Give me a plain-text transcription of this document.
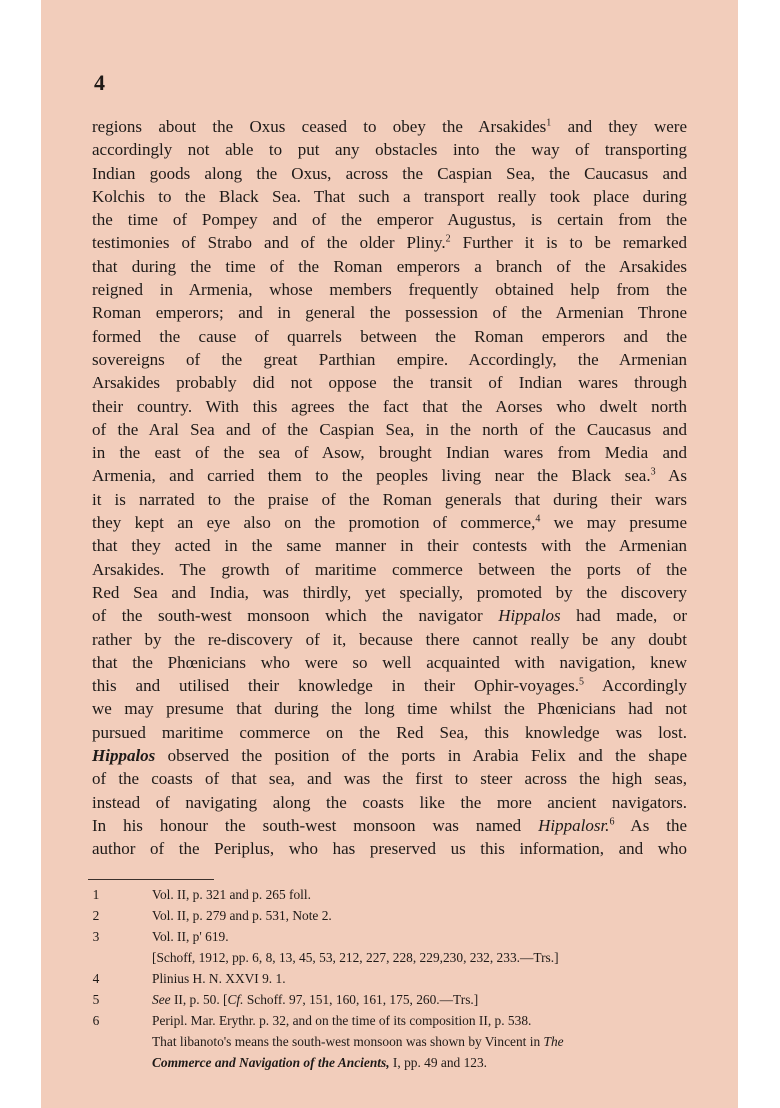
4
regions about the Oxus ceased to obey the Arsakides$^1$ and they were
accordingly not able to put any obstacles into the way of transporting
Indian goods along the Oxus, across the Caspian Sea, the Caucasus and
Kolchis to the Black Sea. That such a transport really took place during
the time of Pompey and of the emperor Augustus, is certain from the
testimonies of Strabo and of the older Pliny.$^2$ Further it is to be remarked
that during the time of the Roman emperors a branch of the Arsakides
reigned in Armenia, whose members frequently obtained help from the
Roman emperors; and in general the possession of the Armenian Throne
formed the cause of quarrels between the Roman emperors and the
sovereigns of the great Parthian empire. Accordingly, the Armenian
Arsakides probably did not oppose the transit of Indian wares through
their country. With this agrees the fact that the Aorses who dwelt north
of the Aral Sea and of the Caspian Sea, in the north of the Caucasus and
in the east of the sea of Asow, brought Indian wares from Media and
Armenia, and carried them to the peoples living near the Black sea.$^3$ As
it is narrated to the praise of the Roman generals that during their wars
they kept an eye also on the promotion of commerce,$^4$ we may presume
that they acted in the same manner in their contests with the Armenian
Arsakides. The growth of maritime commerce between the ports of the
Red Sea and India, was thirdly, yet specially, promoted by the discovery
of the south-west monsoon which the navigator Hippalos had made, or
rather by the re-discovery of it, because there cannot really be any doubt
that the Phœnicians who were so well acquainted with navigation, knew
this and utilised their knowledge in their Ophir-voyages.$^5$ Accordingly
we may presume that during the long time whilst the Phœnicians had not
pursued maritime commerce on the Red Sea, this knowledge was lost.
Hippalos observed the position of the ports in Arabia Felix and the shape
of the coasts of that sea, and was the first to steer across the high seas,
instead of navigating along the coasts like the more ancient navigators.
In his honour the south-west monsoon was named Hippalosr.$^6$ As the
author of the Periplus, who has preserved us this information, and who
1	Vol. II, p. 321 and p. 265 foll.
2	Vol. II, p. 279 and p. 531, Note 2.
3	Vol. II, p' 619.
[Schoff, 1912, pp. 6, 8, 13, 45, 53, 212, 227, 228, 229,230, 232, 233.—Trs.]
4	Plinius H. N. XXVI 9. 1.
5	See II, p. 50. [Cf. Schoff. 97, 151, 160, 161, 175, 260.—Trs.]
6	Peripl. Mar. Erythr. p. 32, and on the time of its composition II, p. 538.
That libanoto's means the south-west monsoon was shown by Vincent in The
Commerce and Navigation of the Ancients, I, pp. 49 and 123.
